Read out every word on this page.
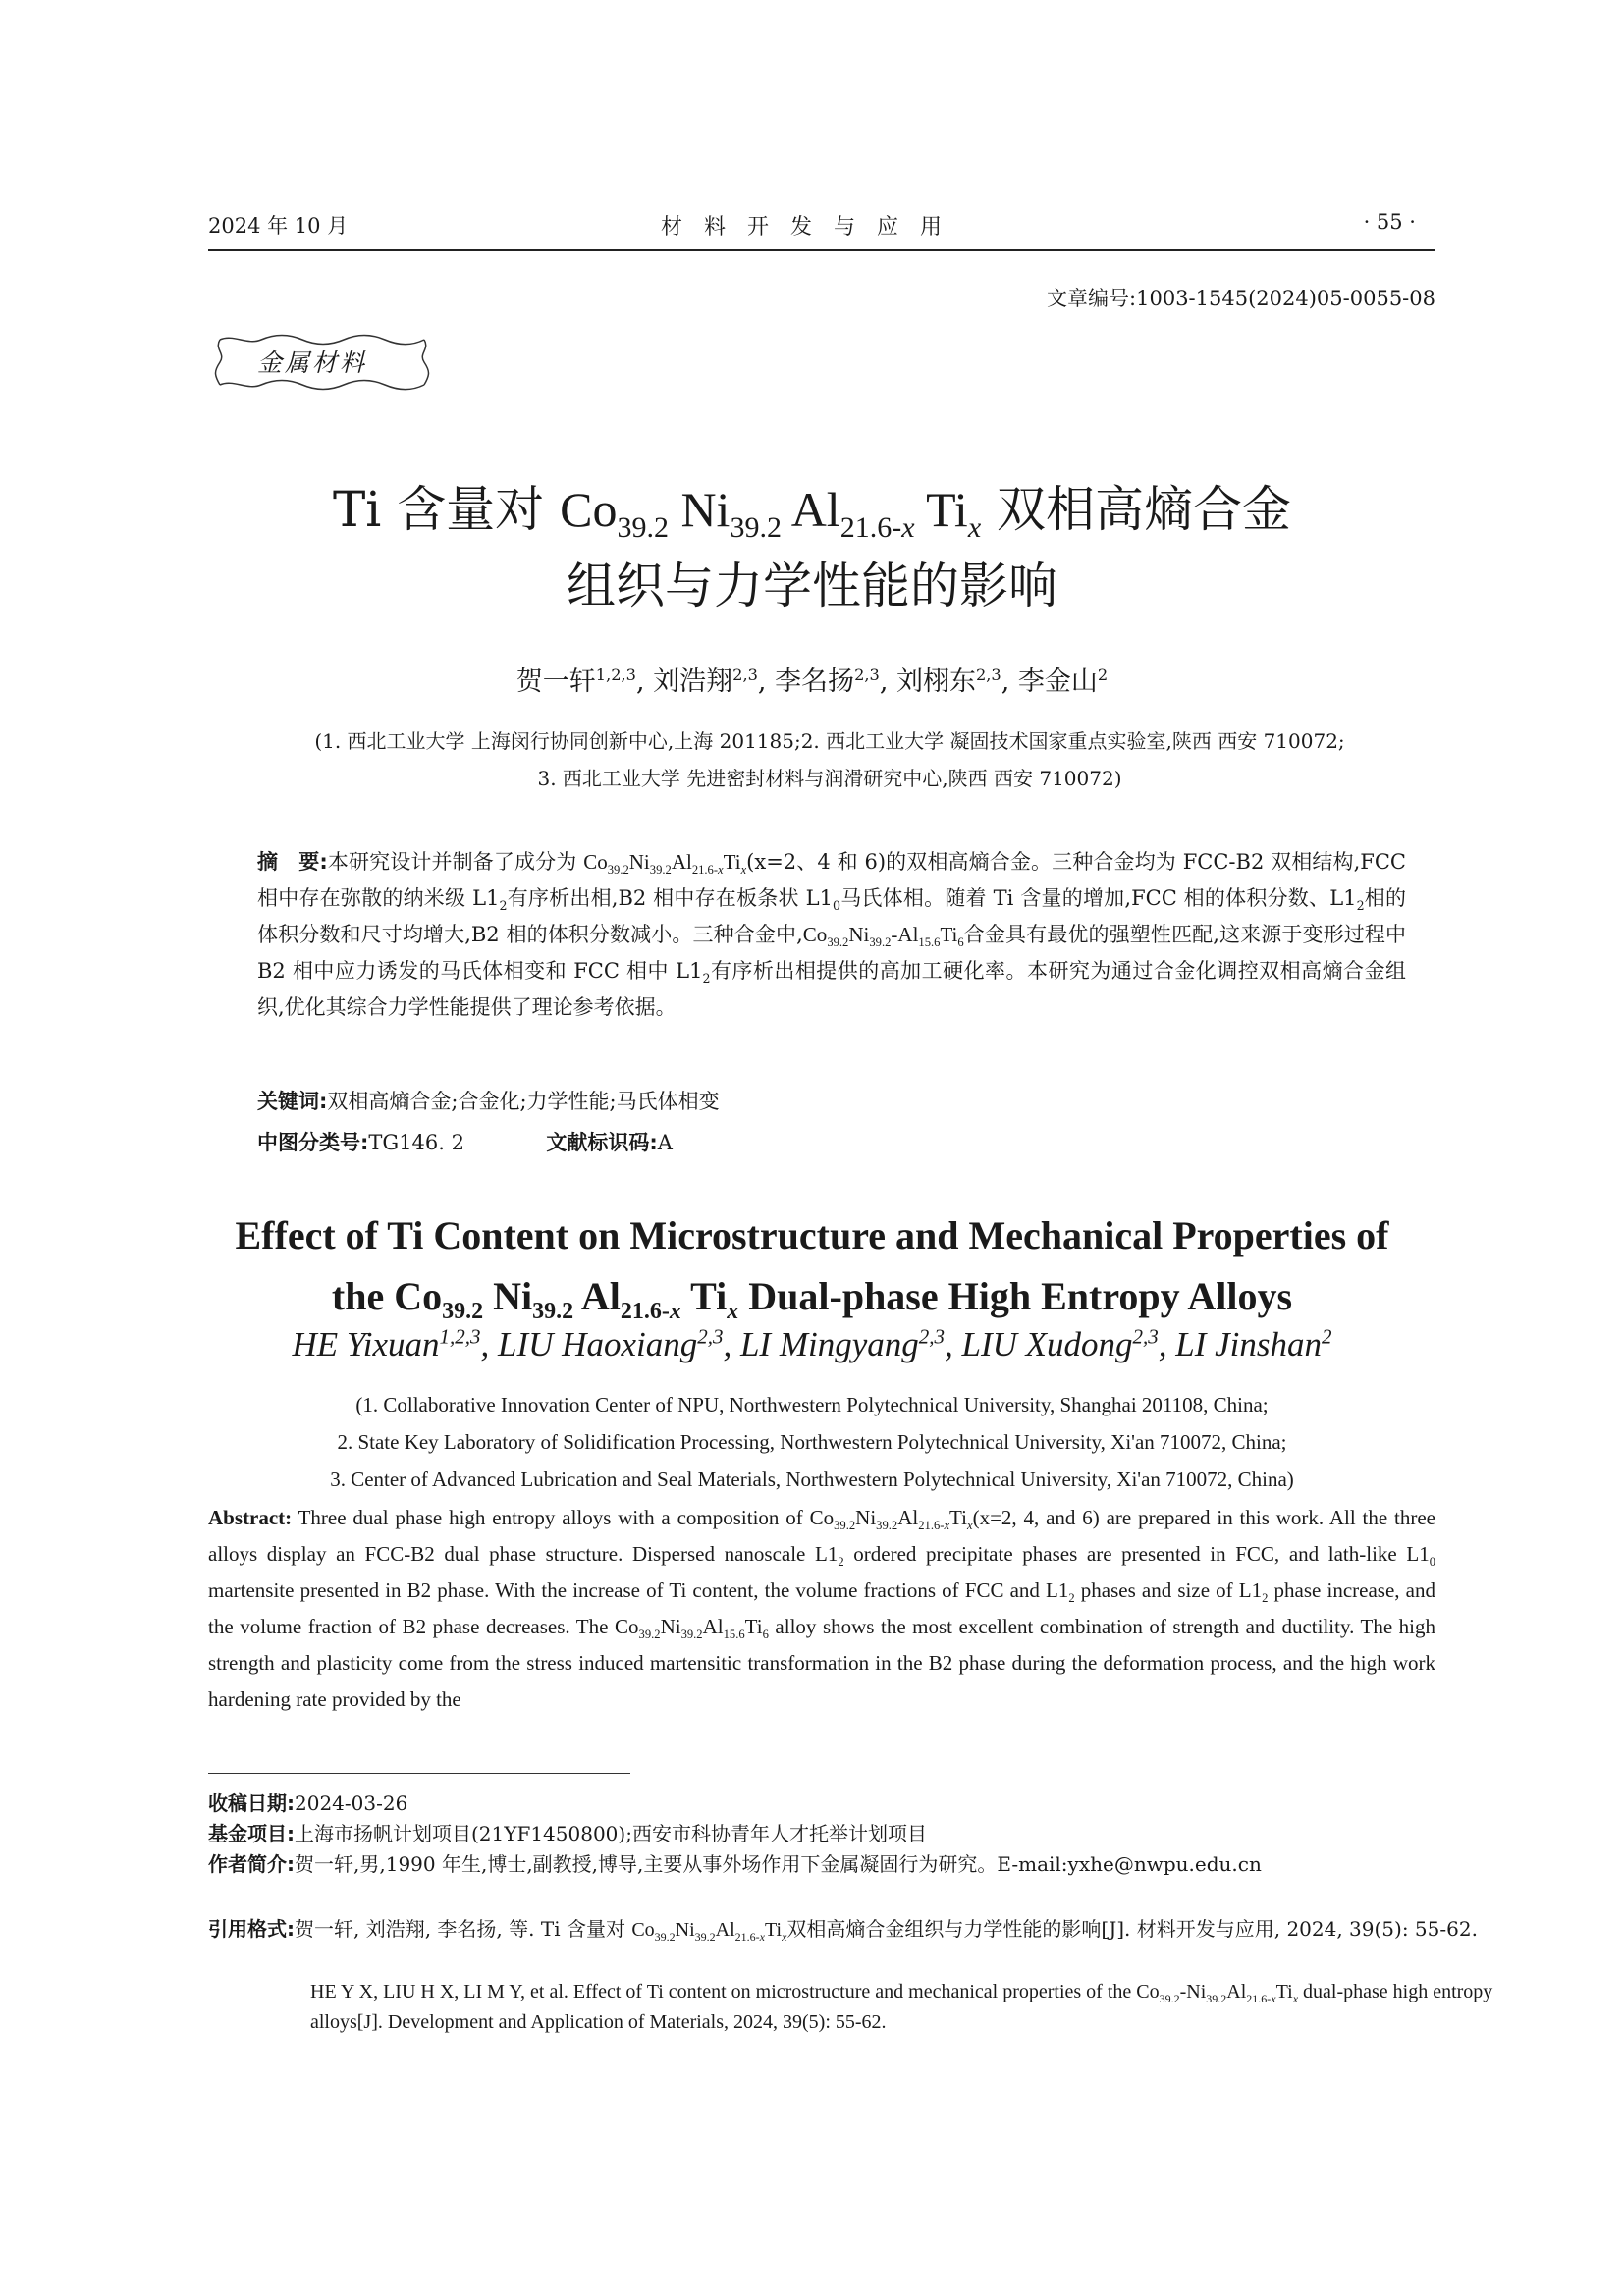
2024 年 10 月	材料开发与应用	· 55 ·
文章编号:1003-1545(2024)05-0055-08
金属材料
Ti 含量对 $Co_{39.2}$ $Ni_{39.2}$ $Al_{21.6-x}$ $Ti_x$ 双相高熵合金
组织与力学性能的影响
贺一轩$^{1,2,3}$, 刘浩翔$^{2,3}$, 李名扬$^{2,3}$, 刘栩东$^{2,3}$, 李金山$^2$
(1. 西北工业大学 上海闵行协同创新中心,上海 201185;2. 西北工业大学 凝固技术国家重点实验室,陕西 西安 710072;
3. 西北工业大学 先进密封材料与润滑研究中心,陕西 西安 710072)
摘　要:本研究设计并制备了成分为 $Co_{39.2}Ni_{39.2}Al_{21.6-x}Ti_x(x=2$、4 和 6)的双相高熵合金。三种合金均为 FCC-B2 双相结构,FCC 相中存在弥散的纳米级 $L1_2$有序析出相,B2 相中存在板条状 $L1_0$马氏体相。随着 Ti 含量的增加,FCC 相的体积分数、$L1_2$相的体积分数和尺寸均增大,B2 相的体积分数减小。三种合金中$,Co_{39.2}Ni_{39.2}-Al_{15.6}Ti_6$合金具有最优的强塑性匹配,这来源于变形过程中 B2 相中应力诱发的马氏体相变和 FCC 相中 $L1_2$有序析出相提供的高加工硬化率。本研究为通过合金化调控双相高熵合金组织,优化其综合力学性能提供了理论参考依据。
关键词:双相高熵合金;合金化;力学性能;马氏体相变
中图分类号:TG146. 2	文献标识码:A
Effect of Ti Content on Microstructure and Mechanical Properties of
the $Co_{39.2}$ $Ni_{39.2}$ $Al_{21.6-x}$ $Ti_x$ Dual-phase High Entropy Alloys
HE Yixuan$^{1,2,3}$, LIU Haoxiang$^{2,3}$, LI Mingyang$^{2,3}$, LIU Xudong$^{2,3}$, LI Jinshan$^2$
(1. Collaborative Innovation Center of NPU, Northwestern Polytechnical University, Shanghai 201108, China;
2. State Key Laboratory of Solidification Processing, Northwestern Polytechnical University, Xi'an 710072, China;
3. Center of Advanced Lubrication and Seal Materials, Northwestern Polytechnical University, Xi'an 710072, China)
Abstract: Three dual phase high entropy alloys with a composition of $Co_{39.2}Ni_{39.2}Al_{21.6-x}Ti_x(x=2$, 4, and 6) are prepared in this work. All the three alloys display an FCC-B2 dual phase structure. Dispersed nanoscale $L1_2$ ordered precipitate phases are presented in FCC, and lath-like $L1_0$ martensite presented in B2 phase. With the increase of Ti content, the volume fractions of FCC and $L1_2$ phases and size of $L1_2$ phase increase, and the volume fraction of B2 phase decreases. The $Co_{39.2}Ni_{39.2}Al_{15.6}Ti_6$ alloy shows the most excellent combination of strength and ductility. The high strength and plasticity come from the stress induced martensitic transformation in the B2 phase during the deformation process, and the high work hardening rate provided by the
收稿日期:2024-03-26
基金项目:上海市扬帆计划项目(21YF1450800);西安市科协青年人才托举计划项目
作者简介:贺一轩,男,1990 年生,博士,副教授,博导,主要从事外场作用下金属凝固行为研究。E-mail:yxhe@nwpu.edu.cn
引用格式:贺一轩, 刘浩翔, 李名扬, 等. Ti 含量对 $Co_{39.2}Ni_{39.2}Al_{21.6-x}Ti_x$双相高熵合金组织与力学性能的影响[J]. 材料开发与应用, 2024, 39(5): 55-62.
HE Y X, LIU H X, LI M Y, et al. Effect of Ti content on microstructure and mechanical properties of the $Co_{39.2}-Ni_{39.2}Al_{21.6-x}Ti_x$ dual-phase high entropy alloys[J]. Development and Application of Materials, 2024, 39(5): 55-62.
